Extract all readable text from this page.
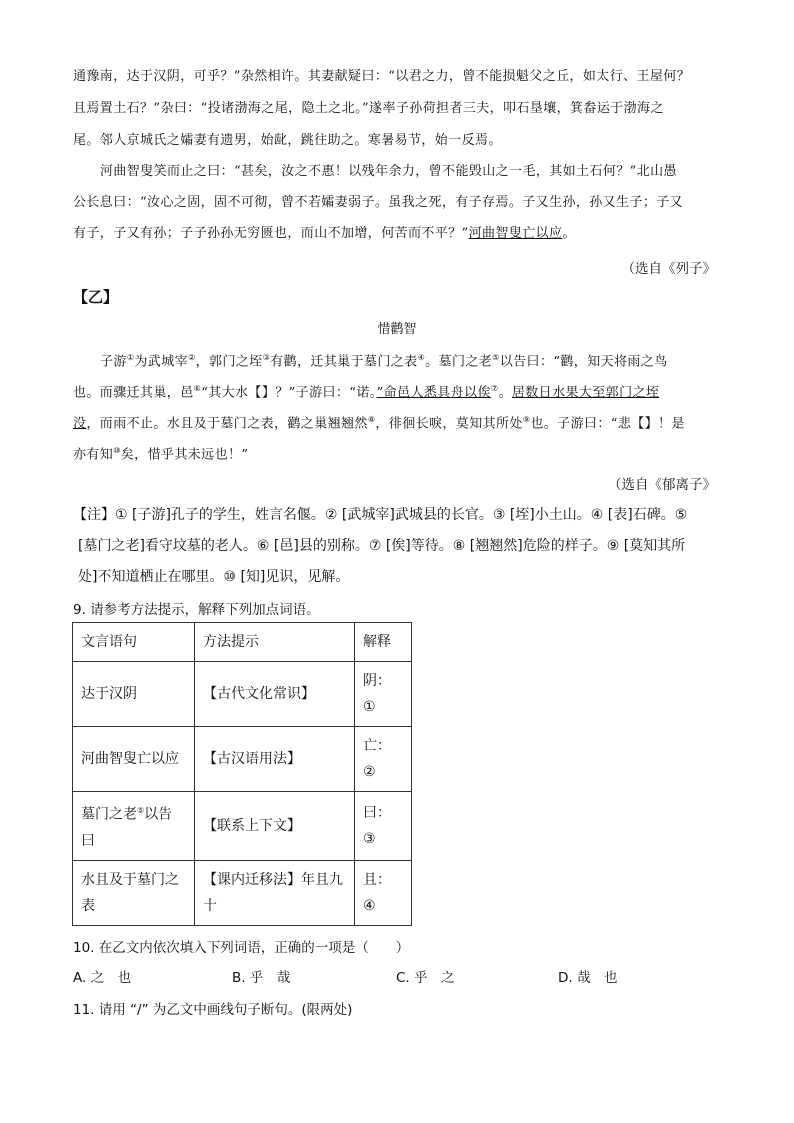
通豫南，达于汉阴，可乎？”杂然相许。其妻献疑曰：“以君之力，曾不能损魁父之丘，如太行、王屋何？
且焉置土石？”杂曰：“投诸渤海之尾，隐土之北。”遂率子孙荷担者三夫，叩石垦壤，箕畚运于渤海之
尾。邻人京城氏之孀妻有遗男，始龀，跳往助之。寒暑易节，始一反焉。
河曲智叟笑而止之曰：“甚矣，汝之不惠！以残年余力，曾不能毁山之一毛，其如土石何？”北山愚
公长息曰：“汝心之固，固不可彻，曾不若孀妻弱子。虽我之死，有子存焉。子又生孙，孙又生子；子又
有子，子又有孙；子子孙孙无穷匮也，而山不加增，何苦而不平？”河曲智叟亡以应。
（选自《列子》
【乙】
惜鹳智
子游①为武城宰②，郭门之垤③有鹳，迁其巢于墓门之表④。墓门之老⑤以告曰：“鹳，知天将雨之鸟
也。而骤迁其巢，邑⑥“其大水【】？”子游曰：“诺。”命邑人悉具舟以俟⑦。居数日水果大至郭门之垤
没，而雨不止。水且及于墓门之表，鹳之巢翘翘然⑧，徘徊长唳，莫知其所处⑨也。子游曰：“悲【】！是
亦有知⑩矣，惜乎其未远也！”
（选自《郁离子》
【注】① [子游]孔子的学生，姓言名偃。② [武城宰]武城县的长官。③ [垤]小土山。④ [表]石碑。⑤
[墓门之老]看守坟墓的老人。⑥ [邑]县的别称。⑦ [俟]等待。⑧ [翘翘然]危险的样子。⑨ [莫知其所
处]不知道栖止在哪里。⑩ [知]见识，见解。
9. 请参考方法提示，解释下列加点词语。
文言语句	方法提示	解释
达于汉阴	【古代文化常识】	阴：①
河曲智叟亡以应	【古汉语用法】	亡：②
墓门之老⑤以告曰	【联系上下文】	曰：③
水且及于墓门之表	【课内迁移法】年且九十	且：④
10. 在乙文内依次填入下列词语，正确的一项是（　　）
A. 之　也	B. 乎　哉	C. 乎　之	D. 哉　也
11. 请用 “/” 为乙文中画线句子断句。(限两处)
